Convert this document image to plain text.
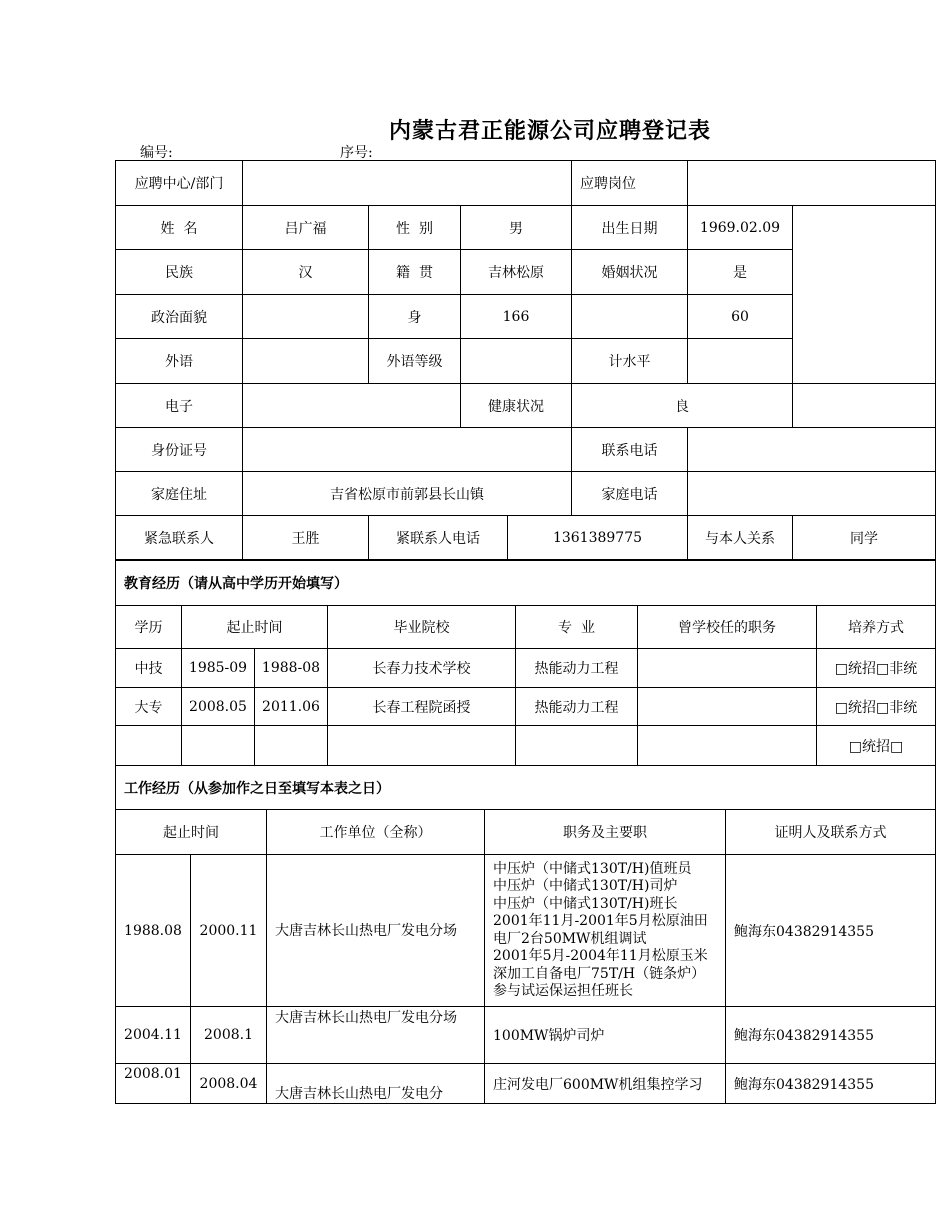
内蒙古君正能源公司应聘登记表
编号:	序号:
应聘中心/部门					应聘岗位		
姓  名	吕广福	性  别	男		出生日期	1969.02.09	
民族	汉	籍  贯	吉林松原		婚姻状况	是	
政治面貌		身	166			60	
外语		外语等级			计水平		
电子			健康状况		良		
身份证号					联系电话		
家庭住址	吉省松原市前郭县长山镇				家庭电话		
紧急联系人	王胜	紧联系人电话		1361389775		与本人关系	同学
教育经历（请从高中学历开始填写）						
学历	起止时间		毕业院校	专  业	曾学校任的职务	培养方式
中技	1985-09	1988-08	长春力技术学校	热能动力工程		□统招□非统
大专	2008.05	2011.06	长春工程院函授	热能动力工程		□统招□非统
						□统招□
工作经历（从参加作之日至填写本表之日）				
起止时间		工作单位（全称）	职务及主要职	证明人及联系方式
1988.08	2000.11	大唐吉林长山热电厂发电分场	中压炉（中储式130T/H)值班员
中压炉（中储式130T/H)司炉
中压炉（中储式130T/H)班长
2001年11月-2001年5月松原油田电厂2台50MW机组调试
2001年5月-2004年11月松原玉米深加工自备电厂75T/H（链条炉）参与试运保运担任班长	鲍海东04382914355
2004.11	2008.1	大唐吉林长山热电厂发电分场	100MW锅炉司炉	鲍海东04382914355
2008.01	2008.04	大唐吉林长山热电厂发电分	庄河发电厂600MW机组集控学习	鲍海东04382914355
